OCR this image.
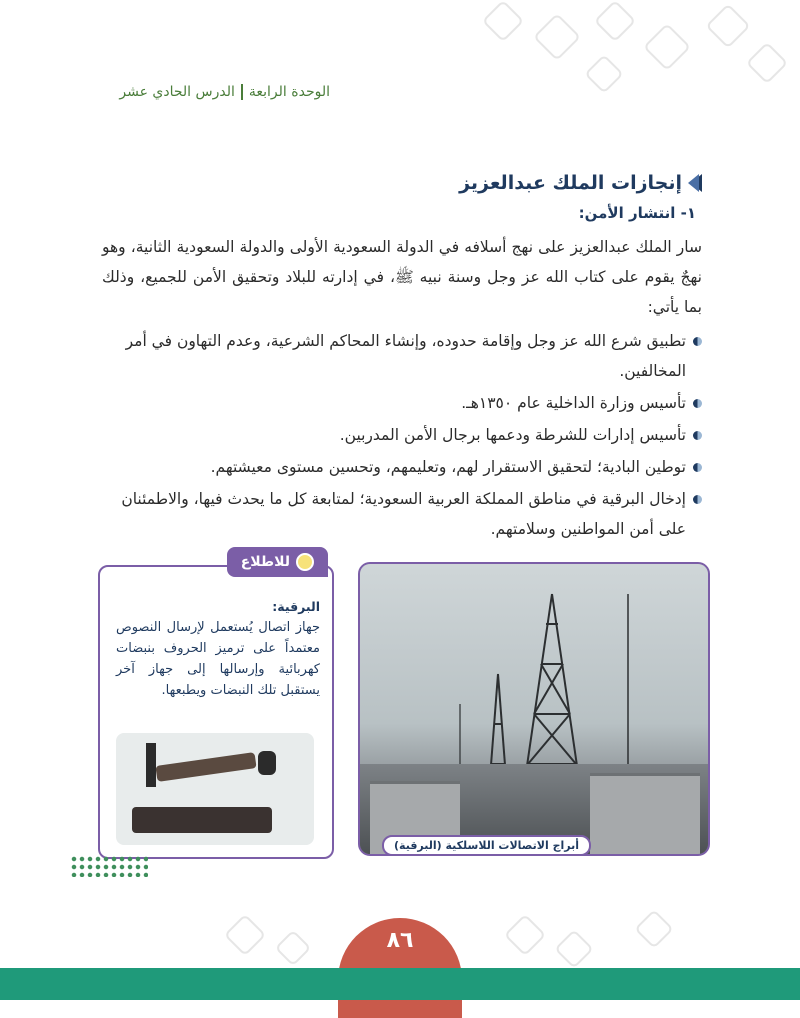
الوحدة الرابعةالدرس الحادي عشر
إنجازات الملك عبدالعزيز
١- انتشار الأمن:
سار الملك عبدالعزيز على نهج أسلافه في الدولة السعودية الأولى والدولة السعودية الثانية، وهو نهجٌ يقوم على كتاب الله عز وجل وسنة نبيه ﷺ، في إدارته للبلاد وتحقيق الأمن للجميع، وذلك بما يأتي:
تطبيق شرع الله عز وجل وإقامة حدوده، وإنشاء المحاكم الشرعية، وعدم التهاون في أمر المخالفين.
تأسيس وزارة الداخلية عام ١٣٥٠هـ.
تأسيس إدارات للشرطة ودعمها برجال الأمن المدربين.
توطين البادية؛ لتحقيق الاستقرار لهم، وتعليمهم، وتحسين مستوى معيشتهم.
إدخال البرقية في مناطق المملكة العربية السعودية؛ لمتابعة كل ما يحدث فيها، والاطمئنان على أمن المواطنين وسلامتهم.
أبراج الاتصالات اللاسلكية (البرقية)
للاطلاع
البرقية:
جهاز اتصال يُستعمل لإرسال النصوص معتمداً على ترميز الحروف بنبضات كهربائية وإرسالها إلى جهاز آخر يستقبل تلك النبضات ويطبعها.
٨٦
